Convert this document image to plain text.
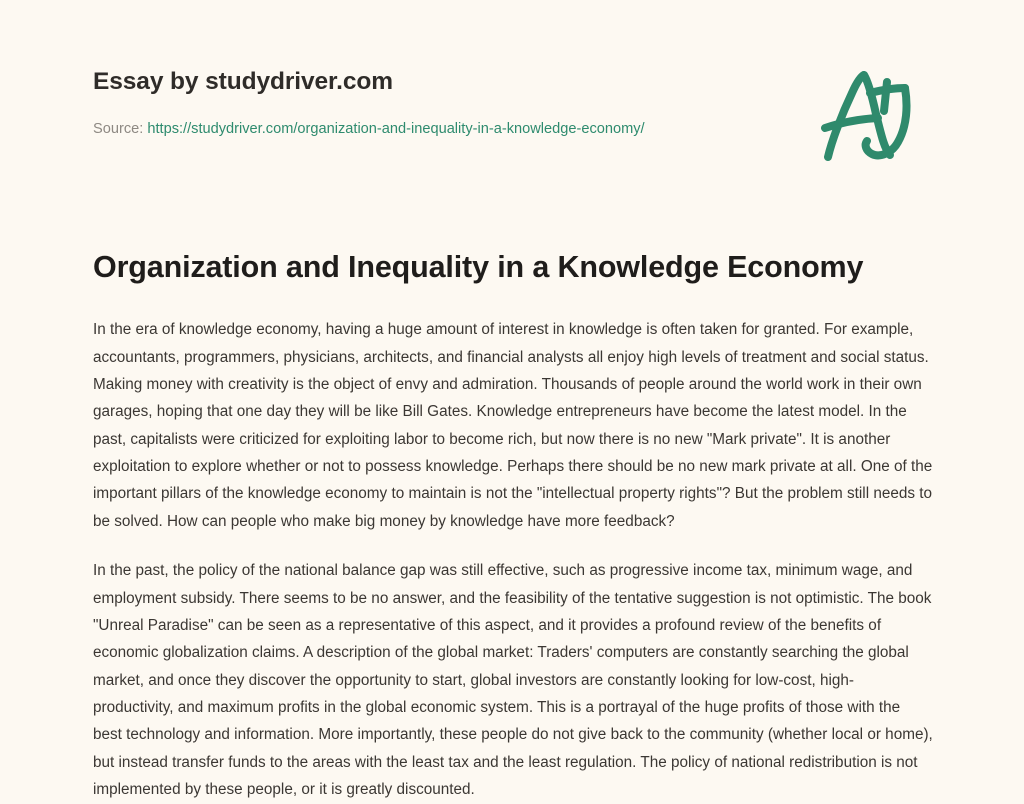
Essay by studydriver.com
Source: https://studydriver.com/organization-and-inequality-in-a-knowledge-economy/
Organization and Inequality in a Knowledge Economy

In the era of knowledge economy, having a huge amount of interest in knowledge is often taken for granted. For example, accountants, programmers, physicians, architects, and financial analysts all enjoy high levels of treatment and social status. Making money with creativity is the object of envy and admiration. Thousands of people around the world work in their own garages, hoping that one day they will be like Bill Gates. Knowledge entrepreneurs have become the latest model. In the past, capitalists were criticized for exploiting labor to become rich, but now there is no new "Mark private". It is another exploitation to explore whether or not to possess knowledge. Perhaps there should be no new mark private at all. One of the important pillars of the knowledge economy to maintain is not the "intellectual property rights"? But the problem still needs to be solved. How can people who make big money by knowledge have more feedback?

In the past, the policy of the national balance gap was still effective, such as progressive income tax, minimum wage, and employment subsidy. There seems to be no answer, and the feasibility of the tentative suggestion is not optimistic. The book "Unreal Paradise" can be seen as a representative of this aspect, and it provides a profound review of the benefits of economic globalization claims. A description of the global market: Traders' computers are constantly searching the global market, and once they discover the opportunity to start, global investors are constantly looking for low-cost, high-productivity, and maximum profits in the global economic system. This is a portrayal of the huge profits of those with the best technology and information. More importantly, these people do not give back to the community (whether local or home), but instead transfer funds to the areas with the least tax and the least regulation. The policy of national redistribution is not implemented by these people, or it is greatly discounted.
